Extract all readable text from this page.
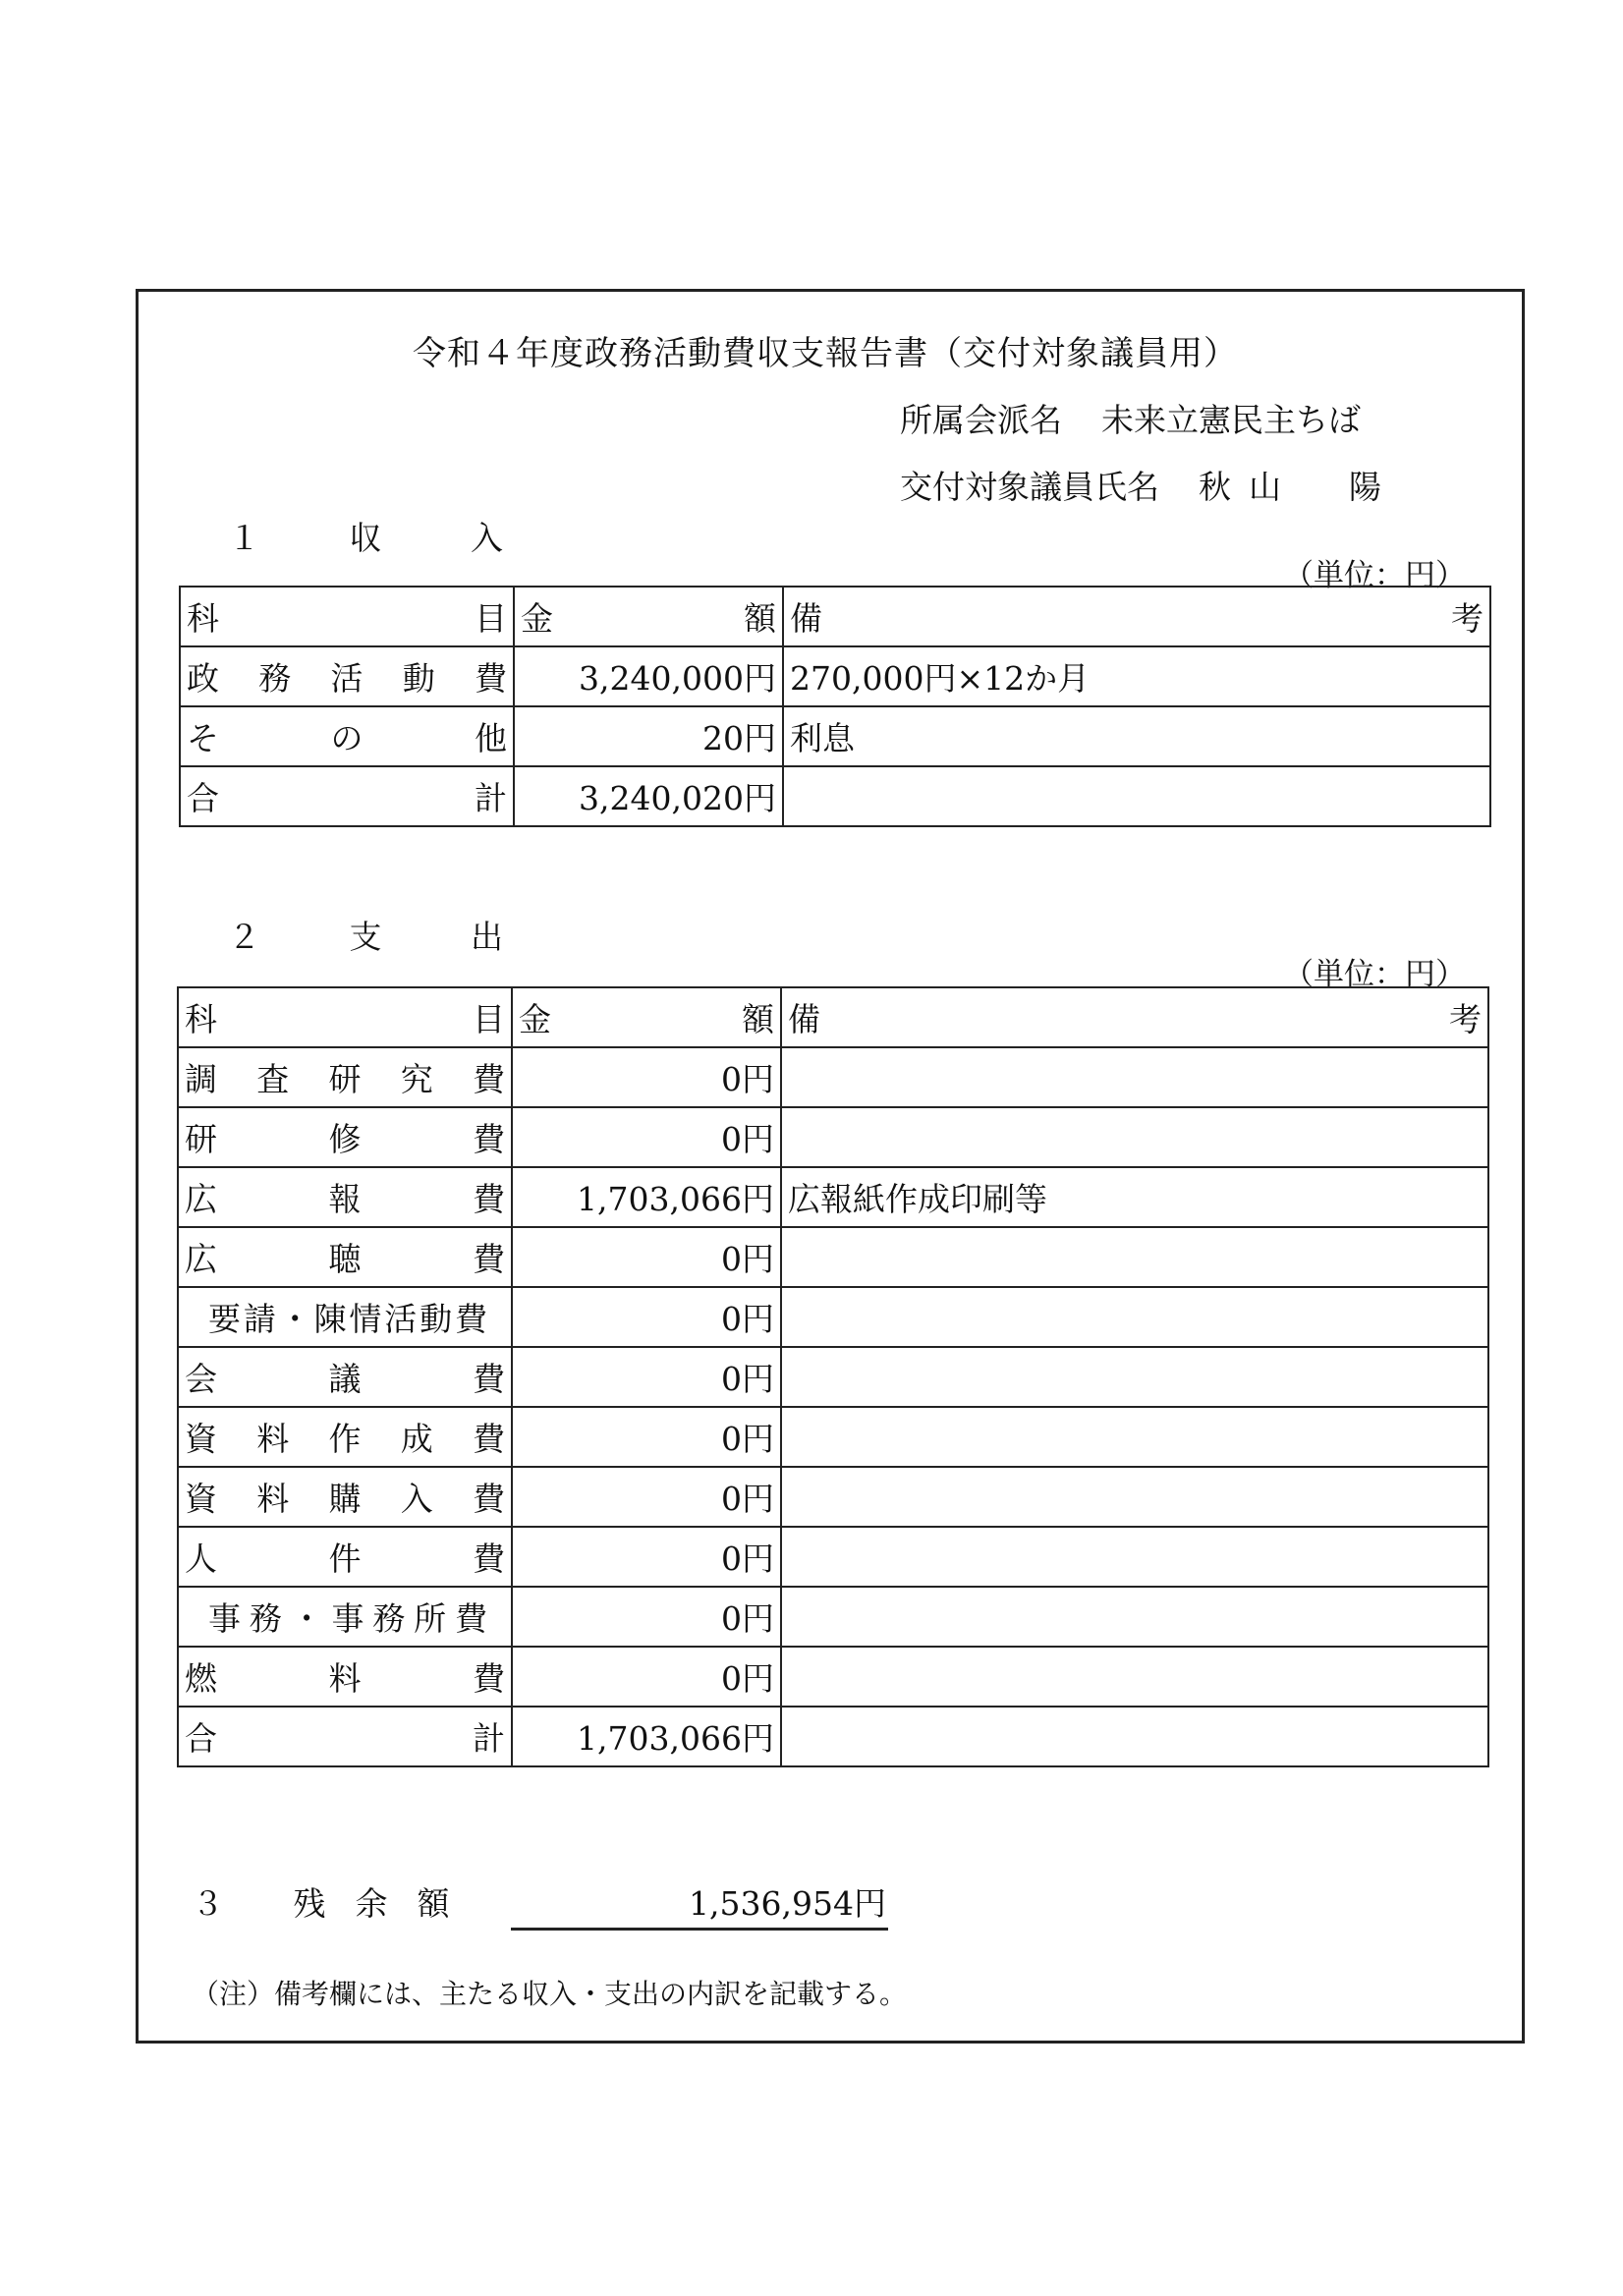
令和４年度政務活動費収支報告書（交付対象議員用）
所属会派名 未来立憲民主ちば
交付対象議員氏名 秋山　陽
１ 収 入
（単位：円）
科目	金額	備考
政務活動費	3,240,000円	270,000円×12か月
その他	20円	利息
合計	3,240,020円	
２ 支 出
（単位：円）
科目	金額	備考
調査研究費	0円	
研修費	0円	
広報費	1,703,066円	広報紙作成印刷等
広聴費	0円	
要請・陳情活動費	0円	
会議費	0円	
資料作成費	0円	
資料購入費	0円	
人件費	0円	
事務・事務所費	0円	
燃料費	0円	
合計	1,703,066円	
３ 残余額	1,536,954円
（注）備考欄には、主たる収入・支出の内訳を記載する。
